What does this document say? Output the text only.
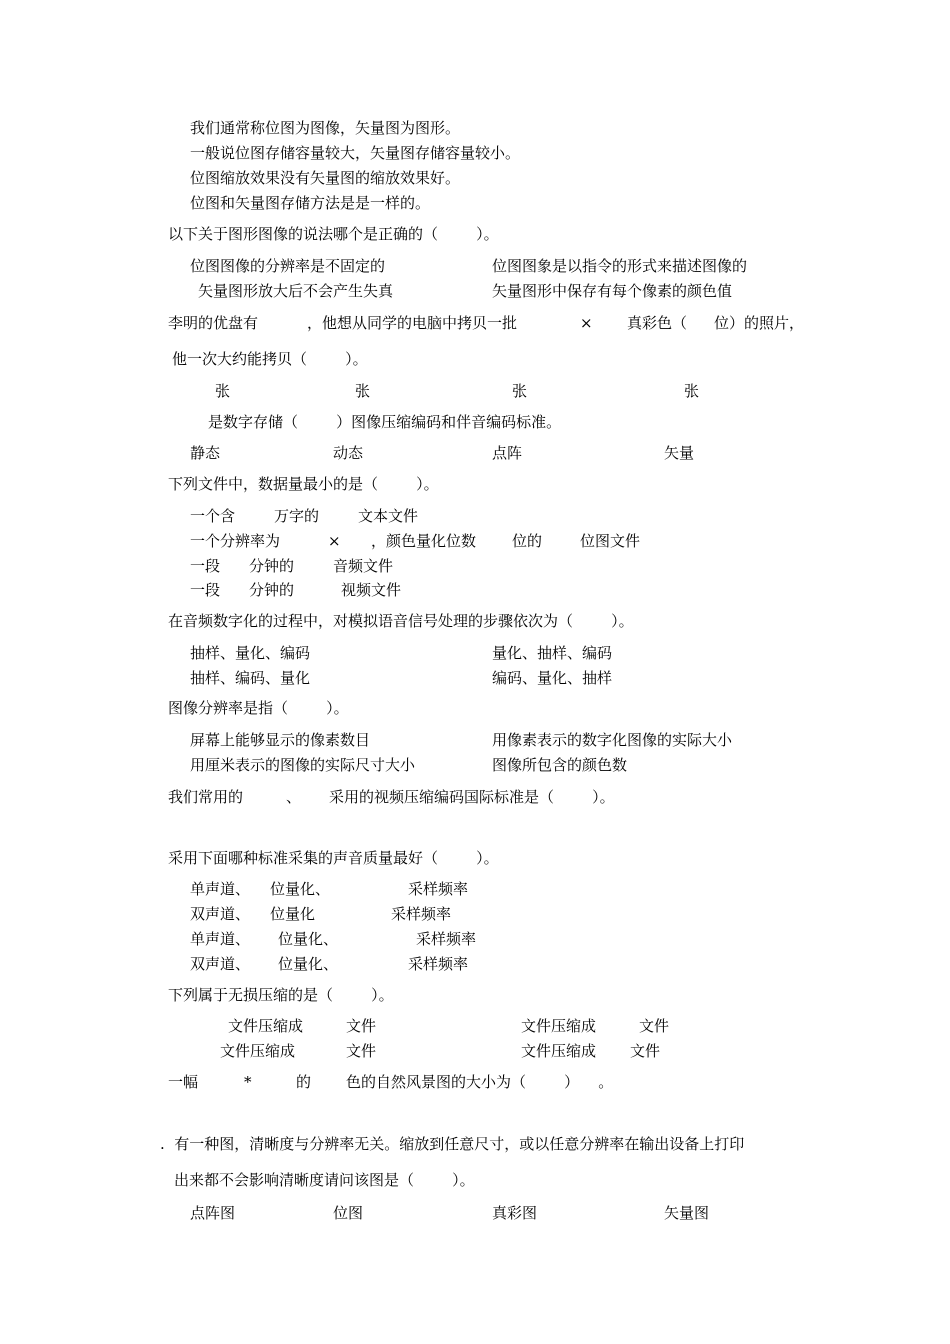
我们通常称位图为图像，矢量图为图形。
一般说位图存储容量较大，矢量图存储容量较小。
位图缩放效果没有矢量图的缩放效果好。
位图和矢量图存储方法是是一样的。
以下关于图形图像的说法哪个是正确的（        ）。
位图图像的分辨率是不固定的	位图图象是以指令的形式来描述图像的
矢量图形放大后不会产生失真	矢量图形中保存有每个像素的颜色值
李明的优盘有	，他想从同学的电脑中拷贝一批	× 真彩色（ 位）的照片，
他一次大约能拷贝（        ）。
张	张	张	张
是数字存储（        ）图像压缩编码和伴音编码标准。
静态	动态	点阵	矢量
下列文件中，数据量最小的是（        ）。
一个含	万字的	文本文件
一个分辨率为	× ，颜色量化位数 位的	位图文件
一段 分钟的	音频文件
一段 分钟的	视频文件
在音频数字化的过程中，对模拟语音信号处理的步骤依次为（        ）。
抽样、量化、编码	量化、抽样、编码
抽样、编码、量化	编码、量化、抽样
图像分辨率是指（        ）。
屏幕上能够显示的像素数目	用像素表示的数字化图像的实际大小
用厘米表示的图像的实际尺寸大小	图像所包含的颜色数
我们常用的	、 采用的视频压缩编码国际标准是（        ）。
采用下面哪种标准采集的声音质量最好（        ）。
单声道、 位量化、	采样频率
双声道、 位量化	采样频率
单声道、 位量化、	采样频率
双声道、 位量化、	采样频率
下列属于无损压缩的是（        ）。
文件压缩成	文件	文件压缩成	文件
文件压缩成	文件	文件压缩成 文件
一幅	*	的 色的自然风景图的大小为（        ）    。
.  有一种图，清晰度与分辨率无关。缩放到任意尺寸，或以任意分辨率在输出设备上打印
出来都不会影响清晰度请问该图是（        ）。
点阵图	位图	真彩图	矢量图
